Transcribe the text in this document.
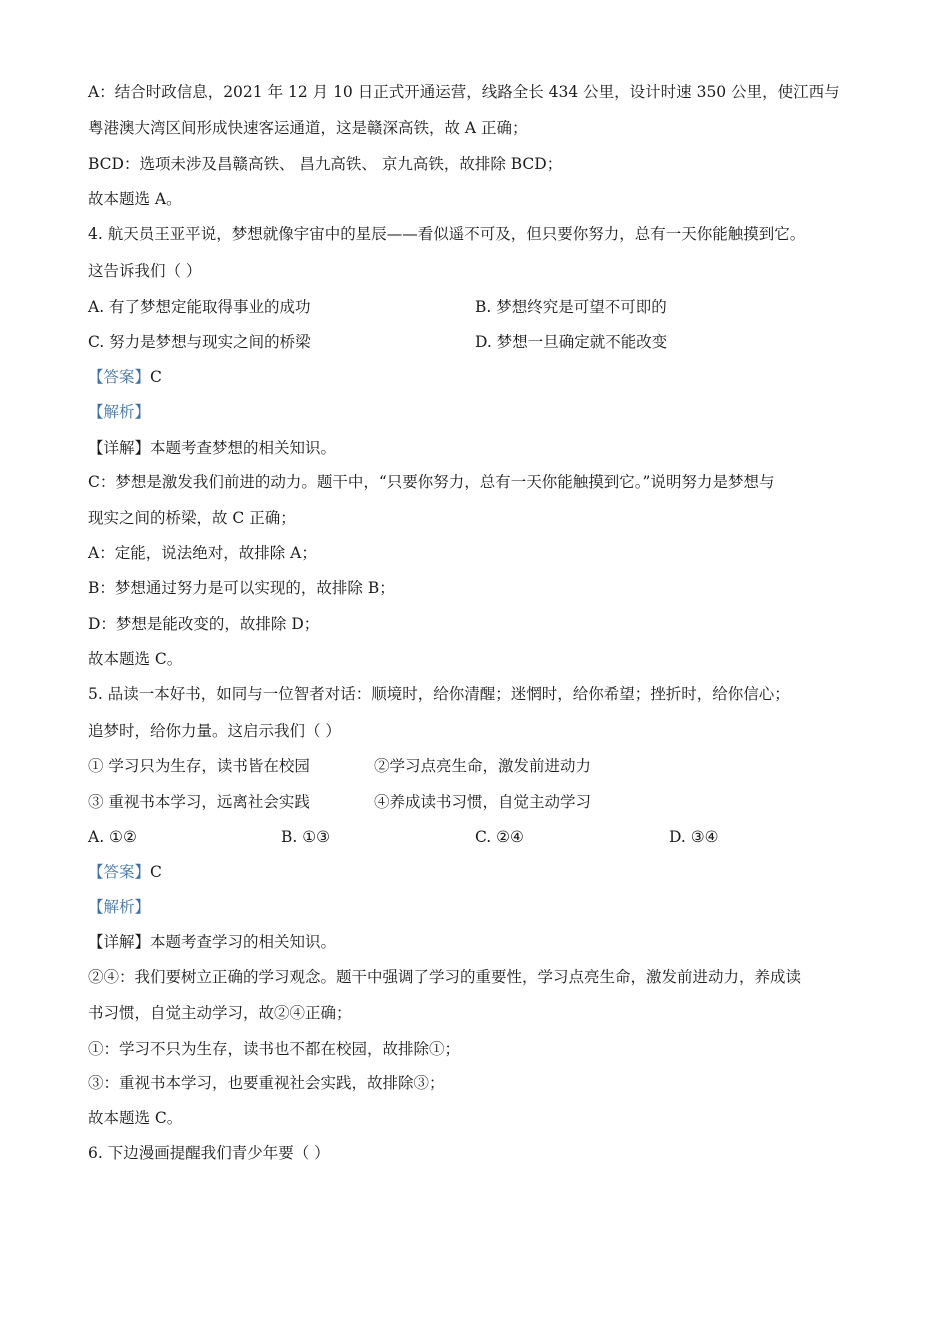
A：结合时政信息，2021 年 12 月 10 日正式开通运营，线路全长 434 公里，设计时速 350 公里，使江西与
粤港澳大湾区间形成快速客运通道，这是赣深高铁，故 A 正确；
BCD：选项未涉及昌赣高铁、 昌九高铁、 京九高铁，故排除 BCD；
故本题选 A。
4. 航天员王亚平说，梦想就像宇宙中的星辰——看似遥不可及，但只要你努力，总有一天你能触摸到它。
这告诉我们（ ）
A. 有了梦想定能取得事业的成功	B. 梦想终究是可望不可即的
C. 努力是梦想与现实之间的桥梁	D. 梦想一旦确定就不能改变
【答案】C
【解析】
【详解】本题考查梦想的相关知识。
C：梦想是激发我们前进的动力。题干中，“只要你努力，总有一天你能触摸到它。”说明努力是梦想与
现实之间的桥梁，故 C 正确；
A：定能，说法绝对，故排除 A；
B：梦想通过努力是可以实现的，故排除 B；
D：梦想是能改变的，故排除 D；
故本题选 C。
5. 品读一本好书，如同与一位智者对话：顺境时，给你清醒；迷惘时，给你希望；挫折时，给你信心；
追梦时，给你力量。这启示我们（ ）
① 学习只为生存，读书皆在校园	②学习点亮生命，激发前进动力
③ 重视书本学习，远离社会实践	④养成读书习惯，自觉主动学习
A. ①②	B. ①③	C. ②④	D. ③④
【答案】C
【解析】
【详解】本题考查学习的相关知识。
②④：我们要树立正确的学习观念。题干中强调了学习的重要性，学习点亮生命，激发前进动力，养成读
书习惯，自觉主动学习，故②④正确；
①：学习不只为生存，读书也不都在校园，故排除①；
③：重视书本学习，也要重视社会实践，故排除③；
故本题选 C。
6. 下边漫画提醒我们青少年要（ ）
